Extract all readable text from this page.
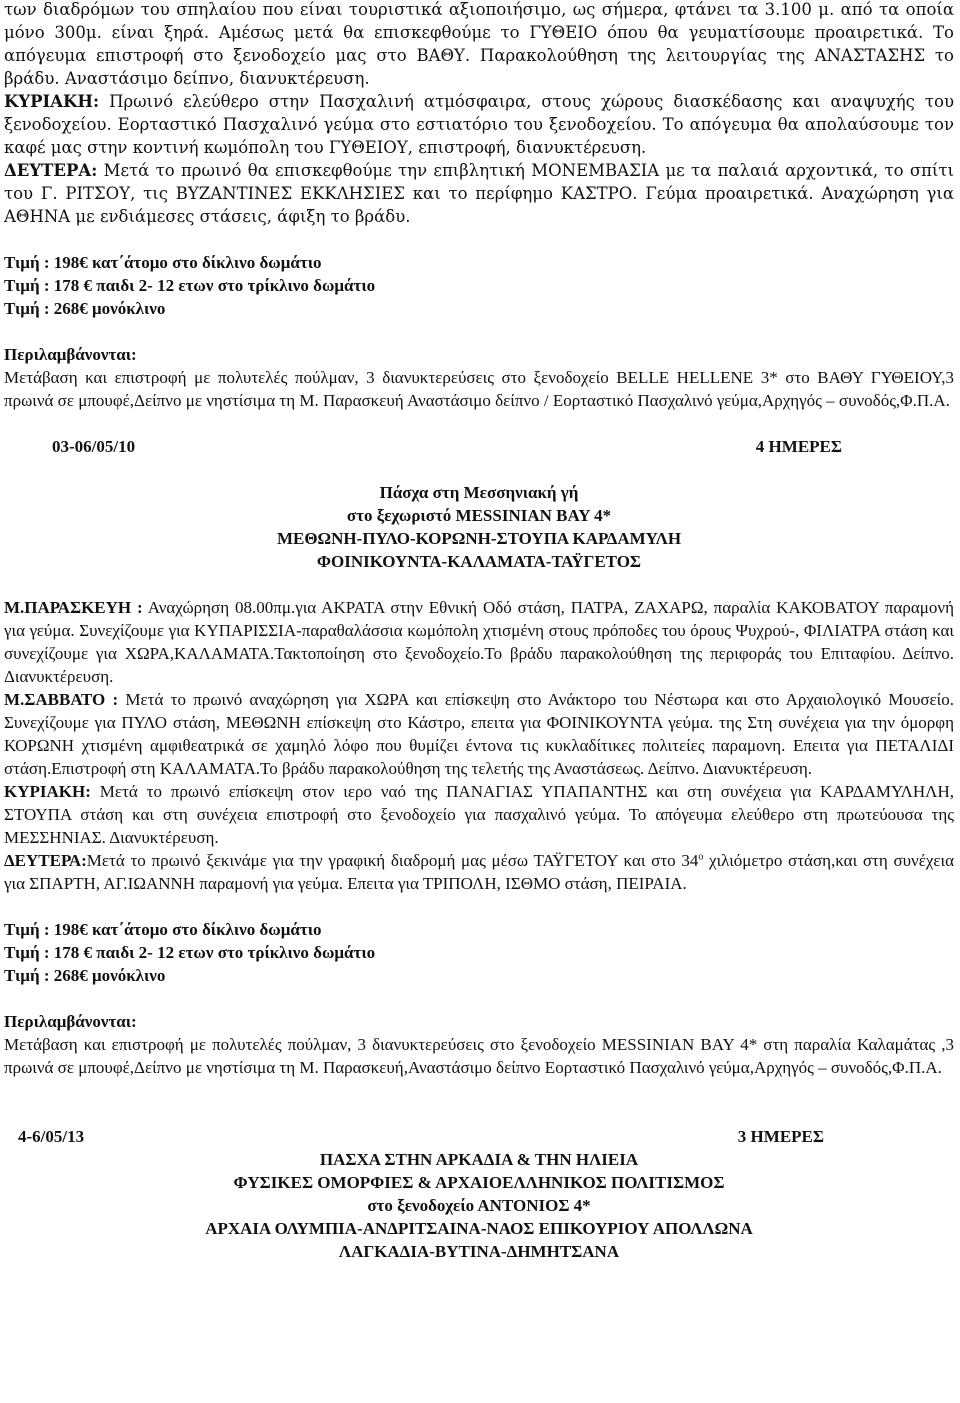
των διαδρόμων του σπηλαίου που είναι τουριστικά αξιοποιήσιμο, ως σήμερα, φτάνει τα 3.100 μ. από τα οποία μόνο 300μ. είναι ξηρά. Αμέσως μετά θα επισκεφθούμε το ΓΥΘΕΙΟ όπου θα γευματίσουμε προαιρετικά. Το απόγευμα επιστροφή στο ξενοδοχείο μας στο ΒΑΘΥ. Παρακολούθηση της λειτουργίας της ΑΝΑΣΤΑΣΗΣ το βράδυ. Αναστάσιμο δείπνο, διανυκτέρευση.

ΚΥΡΙΑΚΗ: Πρωινό ελεύθερο στην Πασχαλινή ατμόσφαιρα, στους χώρους διασκέδασης και αναψυχής του ξενοδοχείου. Εορταστικό Πασχαλινό γεύμα στο εστιατόριο του ξενοδοχείου. Το απόγευμα θα απολαύσουμε τον καφέ μας στην κοντινή κωμόπολη του ΓΥΘΕΙΟΥ, επιστροφή, διανυκτέρευση.

ΔΕΥΤΕΡΑ: Μετά το πρωινό θα επισκεφθούμε την επιβλητική ΜΟΝΕΜΒΑΣΙΑ με τα παλαιά αρχοντικά, το σπίτι του Γ. ΡΙΤΣΟΥ, τις ΒΥΖΑΝΤΙΝΕΣ ΕΚΚΛΗΣΙΕΣ και το περίφημο ΚΑΣΤΡΟ. Γεύμα προαιρετικά. Αναχώρηση για ΑΘΗΝΑ με ενδιάμεσες στάσεις, άφιξη το βράδυ.

Τιμή : 198€ κατ΄άτομο στο δίκλινο δωμάτιο

Τιμή : 178 € παιδι 2- 12 ετων στο τρίκλινο δωμάτιο

Τιμή : 268€ μονόκλινο

Περιλαμβάνονται:

Μετάβαση και επιστροφή με πολυτελές πούλμαν, 3 διανυκτερεύσεις στο ξενοδοχείο BELLE HELLENE 3* στο ΒΑΘΥ ΓΥΘΕΙΟΥ,3 πρωινά σε μπουφέ,Δείπνο με νηστίσιμα τη Μ. Παρασκευή Αναστάσιμο δείπνο / Εορταστικό Πασχαλινό γεύμα,Αρχηγός – συνοδός,Φ.Π.Α.

03-06/05/10	4 ΗΜΕΡΕΣ

Πάσχα στη Μεσσηνιακή γή

στο ξεχωριστό MESSINIAN BAY 4*

ΜΕΘΩΝΗ-ΠΥΛΟ-ΚΟΡΩΝΗ-ΣΤΟΥΠΑ ΚΑΡΔΑΜΥΛΗ

ΦΟΙΝΙΚΟΥΝΤΑ-ΚΑΛΑΜΑΤΑ-ΤΑΫΓΕΤΟΣ

Μ.ΠΑΡΑΣΚΕΥΗ : Αναχώρηση 08.00πμ.για ΑΚΡΑΤΑ στην Εθνική Οδό στάση, ΠΑΤΡΑ, ΖΑΧΑΡΩ, παραλία ΚΑΚΟΒΑΤΟΥ παραμονή για γεύμα. Συνεχίζουμε για ΚΥΠΑΡΙΣΣΙΑ-παραθαλάσσια κωμόπολη χτισμένη στους πρόποδες του όρους Ψυχρού-, ΦΙΛΙΑΤΡΑ στάση και συνεχίζουμε για ΧΩΡΑ,ΚΑΛΑΜΑΤΑ.Τακτοποίηση στο ξενοδοχείο.Το βράδυ παρακολούθηση της περιφοράς του Επιταφίου. Δείπνο. Διανυκτέρευση.

Μ.ΣΑΒΒΑΤΟ : Μετά το πρωινό αναχώρηση για ΧΩΡΑ και επίσκεψη στο Ανάκτορο του Νέστωρα και στο Αρχαιολογικό Μουσείο. Συνεχίζουμε για ΠΥΛΟ στάση, ΜΕΘΩΝΗ επίσκεψη στο Κάστρο, επειτα για ΦΟΙΝΙΚΟΥΝΤΑ γεύμα. της Στη συνέχεια για την όμορφη ΚΟΡΩΝΗ χτισμένη αμφιθεατρικά σε χαμηλό λόφο που θυμίζει έντονα τις κυκλαδίτικες πολιτείες παραμονη. Επειτα για ΠΕΤΑΛΙΔΙ στάση.Επιστροφή στη ΚΑΛΑΜΑΤΑ.Το βράδυ παρακολούθηση της τελετής της Αναστάσεως. Δείπνο. Διανυκτέρευση.

ΚΥΡΙΑΚΗ: Μετά το πρωινό επίσκεψη στον ιερο ναό της ΠΑΝΑΓΙΑΣ ΥΠΑΠΑΝΤΗΣ και στη συνέχεια για ΚΑΡΔΑΜΥΛΗΛΗ, ΣΤΟΥΠΑ στάση και στη συνέχεια επιστροφή στο ξενοδοχείο για πασχαλινό γεύμα. Το απόγευμα ελεύθερο στη πρωτεύουσα της ΜΕΣΣΗΝΙΑΣ. Διανυκτέρευση.

ΔΕΥΤΕΡΑ:Μετά το πρωινό ξεκινάμε για την γραφική διαδρομή μας μέσω ΤΑΫΓΕΤΟΥ και στο $34^o$ χιλιόμετρο στάση,και στη συνέχεια για ΣΠΑΡΤΗ, ΑΓ.ΙΩΑΝΝΗ παραμονή για γεύμα. Επειτα για ΤΡΙΠΟΛΗ, ΙΣΘΜΟ στάση, ΠΕΙΡΑΙΑ.

Τιμή : 198€ κατ΄άτομο στο δίκλινο δωμάτιο

Τιμή : 178 € παιδι 2- 12 ετων στο τρίκλινο δωμάτιο

Τιμή : 268€ μονόκλινο

Περιλαμβάνονται:

Μετάβαση και επιστροφή με πολυτελές πούλμαν, 3 διανυκτερεύσεις στο ξενοδοχείο MESSINIAN BAY 4* στη παραλία Καλαμάτας ,3 πρωινά σε μπουφέ,Δείπνο με νηστίσιμα τη Μ. Παρασκευή,Αναστάσιμο δείπνο Εορταστικό Πασχαλινό γεύμα,Αρχηγός – συνοδός,Φ.Π.Α.

4-6/05/13	3 ΗΜΕΡΕΣ

ΠΑΣΧΑ ΣΤΗΝ ΑΡΚΑΔΙΑ & ΤΗΝ ΗΛΙΕΙΑ

ΦΥΣΙΚΕΣ ΟΜΟΡΦΙΕΣ & ΑΡΧΑΙΟΕΛΛΗΝΙΚΟΣ ΠΟΛΙΤΙΣΜΟΣ

στο ξενοδοχείο ΑΝΤΟΝΙΟΣ 4*

ΑΡΧΑΙΑ ΟΛΥΜΠΙΑ-ΑΝΔΡΙΤΣΑΙΝΑ-ΝΑΟΣ ΕΠΙΚΟΥΡΙΟΥ ΑΠΟΛΛΩΝΑ

ΛΑΓΚΑΔΙΑ-ΒΥΤΙΝΑ-ΔΗΜΗΤΣΑΝΑ
